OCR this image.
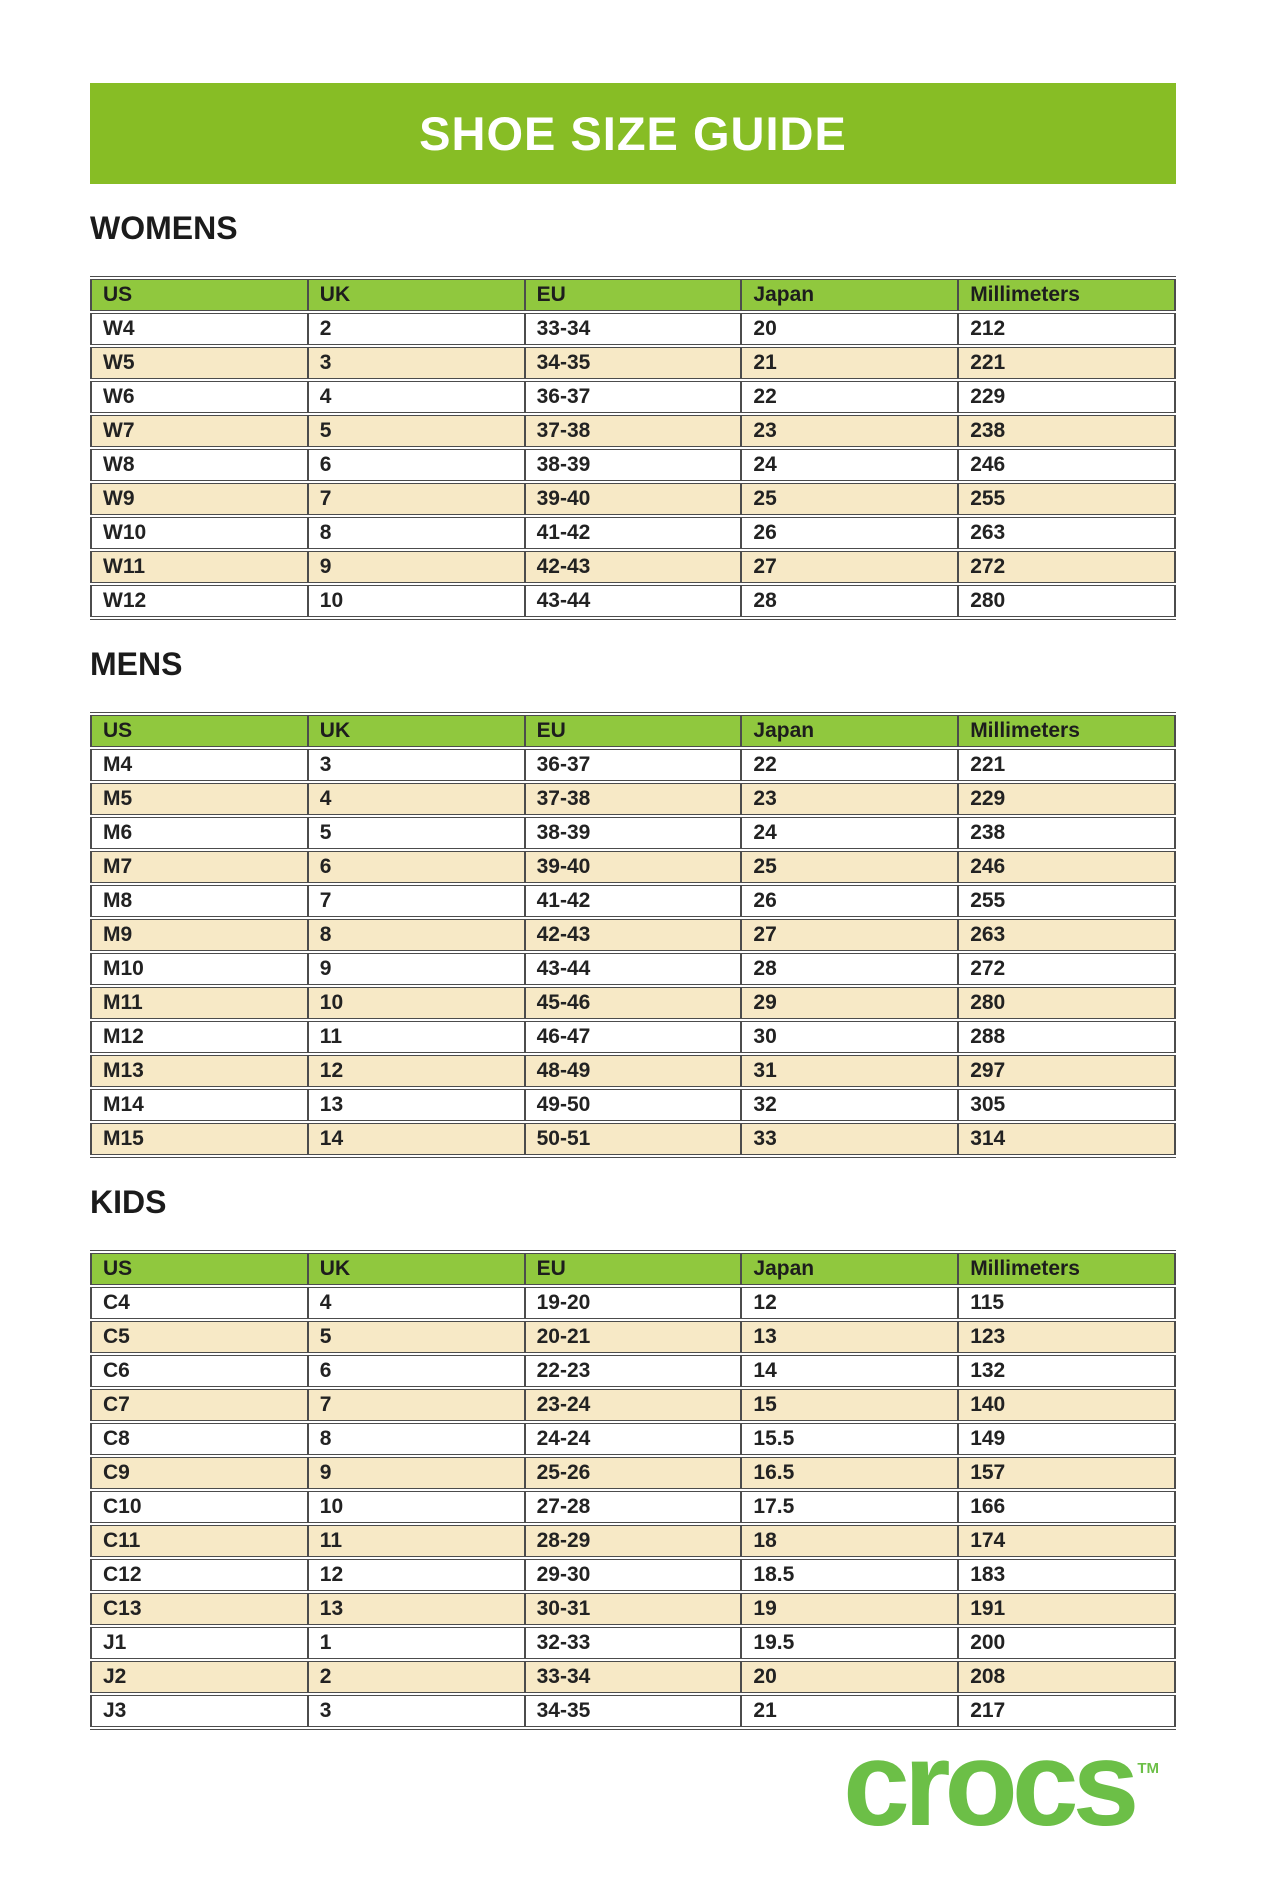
SHOE SIZE GUIDE
WOMENS
US	UK	EU	Japan	Millimeters
W4	2	33-34	20	212
W5	3	34-35	21	221
W6	4	36-37	22	229
W7	5	37-38	23	238
W8	6	38-39	24	246
W9	7	39-40	25	255
W10	8	41-42	26	263
W11	9	42-43	27	272
W12	10	43-44	28	280
MENS
US	UK	EU	Japan	Millimeters
M4	3	36-37	22	221
M5	4	37-38	23	229
M6	5	38-39	24	238
M7	6	39-40	25	246
M8	7	41-42	26	255
M9	8	42-43	27	263
M10	9	43-44	28	272
M11	10	45-46	29	280
M12	11	46-47	30	288
M13	12	48-49	31	297
M14	13	49-50	32	305
M15	14	50-51	33	314
KIDS
US	UK	EU	Japan	Millimeters
C4	4	19-20	12	115
C5	5	20-21	13	123
C6	6	22-23	14	132
C7	7	23-24	15	140
C8	8	24-24	15.5	149
C9	9	25-26	16.5	157
C10	10	27-28	17.5	166
C11	11	28-29	18	174
C12	12	29-30	18.5	183
C13	13	30-31	19	191
J1	1	32-33	19.5	200
J2	2	33-34	20	208
J3	3	34-35	21	217
crocs ™
